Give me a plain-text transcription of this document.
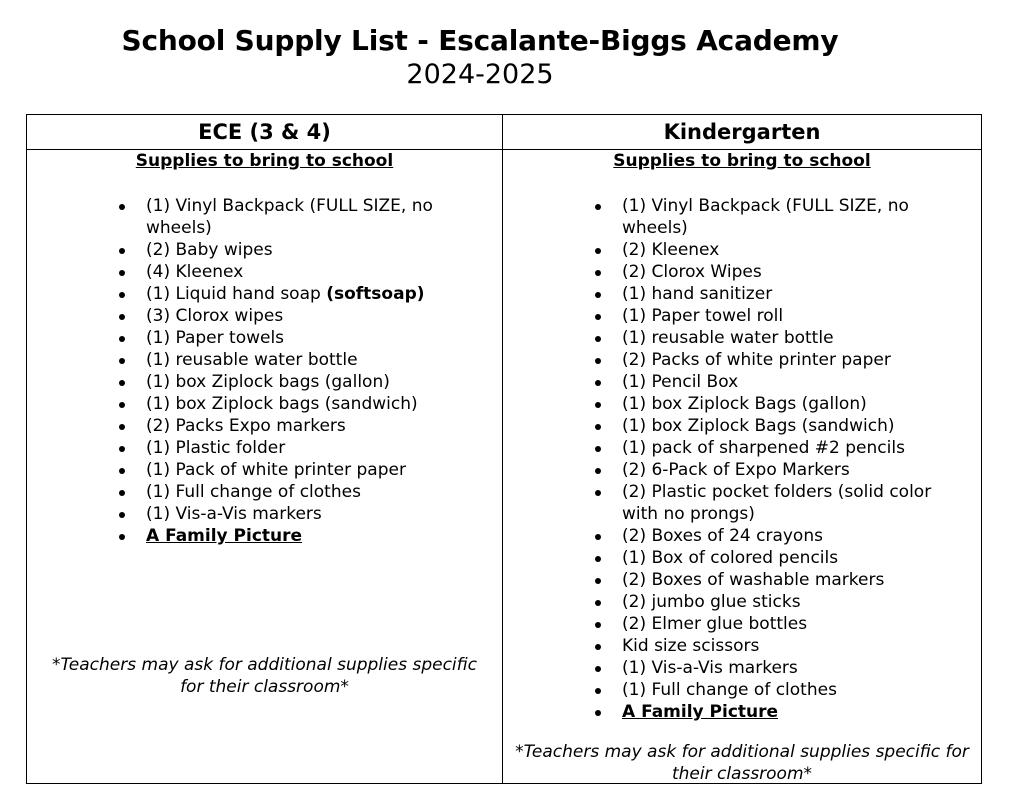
School Supply List - Escalante-Biggs Academy
2024-2025
ECE (3 & 4)	Kindergarten

Supplies to bring to school

(1) Vinyl Backpack (FULL SIZE, no wheels)
(2) Baby wipes
(4) Kleenex
(1) Liquid hand soap (softsoap)
(3) Clorox wipes
(1) Paper towels
(1) reusable water bottle
(1) box Ziplock bags (gallon)
(1) box Ziplock bags (sandwich)
(2) Packs Expo markers
(1) Plastic folder
(1) Pack of white printer paper
(1) Full change of clothes
(1) Vis-a-Vis markers
A Family Picture
*Teachers may ask for additional supplies specific for their classroom*

Supplies to bring to school

(1) Vinyl Backpack (FULL SIZE, no wheels)
(2) Kleenex
(2) Clorox Wipes
(1) hand sanitizer
(1) Paper towel roll
(1) reusable water bottle
(2) Packs of white printer paper
(1) Pencil Box
(1) box Ziplock Bags (gallon)
(1) box Ziplock Bags (sandwich)
(1) pack of sharpened #2 pencils
(2) 6-Pack of Expo Markers
(2) Plastic pocket folders (solid color with no prongs)
(2) Boxes of 24 crayons
(1) Box of colored pencils
(2) Boxes of washable markers
(2) jumbo glue sticks
(2) Elmer glue bottles
Kid size scissors
(1) Vis-a-Vis markers
(1) Full change of clothes
A Family Picture
*Teachers may ask for additional supplies specific for their classroom*
